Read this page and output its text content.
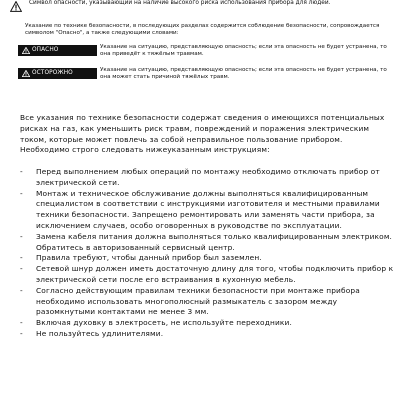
Символ опасности, указывающий на наличие высокого риска использования прибора для людей.
Указание по технике безопасности, в последующих разделах содержится соблюдение безопасности, сопровождается символом "Опасно", а также следующими словами:
ОПАСНО	Указание на ситуацию, представляющую опасность; если эта опасность не будет устранена, то она приведёт к тяжёлым травмам.
ОСТОРОЖНО	Указание на ситуацию, представляющую опасность; если эта опасность не будет устранена, то она может стать причиной тяжёлых травм.
Все указания по технике безопасности содержат сведения о имеющихся потенциальных рисках на газ, как уменьшить риск травм, повреждений и поражения электрическим током, которые может повлечь за собой неправильное пользование прибором. Необходимо строго следовать нижеуказанным инструкциям:
- Перед выполнением любых операций по монтажу необходимо отключать прибор от электрической сети.
- Монтаж и техническое обслуживание должны выполняться квалифицированным специалистом в соответствии с инструкциями изготовителя и местными правилами техники безопасности. Запрещено ремонтировать или заменять части прибора, за исключением случаев, особо оговоренных в руководстве по эксплуатации.
- Замена кабеля питания должна выполняться только квалифицированным электриком. Обратитесь в авторизованный сервисный центр.
- Правила требуют, чтобы данный прибор был заземлен.
- Сетевой шнур должен иметь достаточную длину для того, чтобы подключить прибор к электрической сети после его встраивания в кухонную мебель.
- Согласно действующим правилам техники безопасности при монтаже прибора необходимо использовать многополюсный размыкатель с зазором между разомкнутыми контактами не менее 3 мм.
- Включая духовку в электросеть, не используйте переходники.
- Не пользуйтесь удлинителями.
